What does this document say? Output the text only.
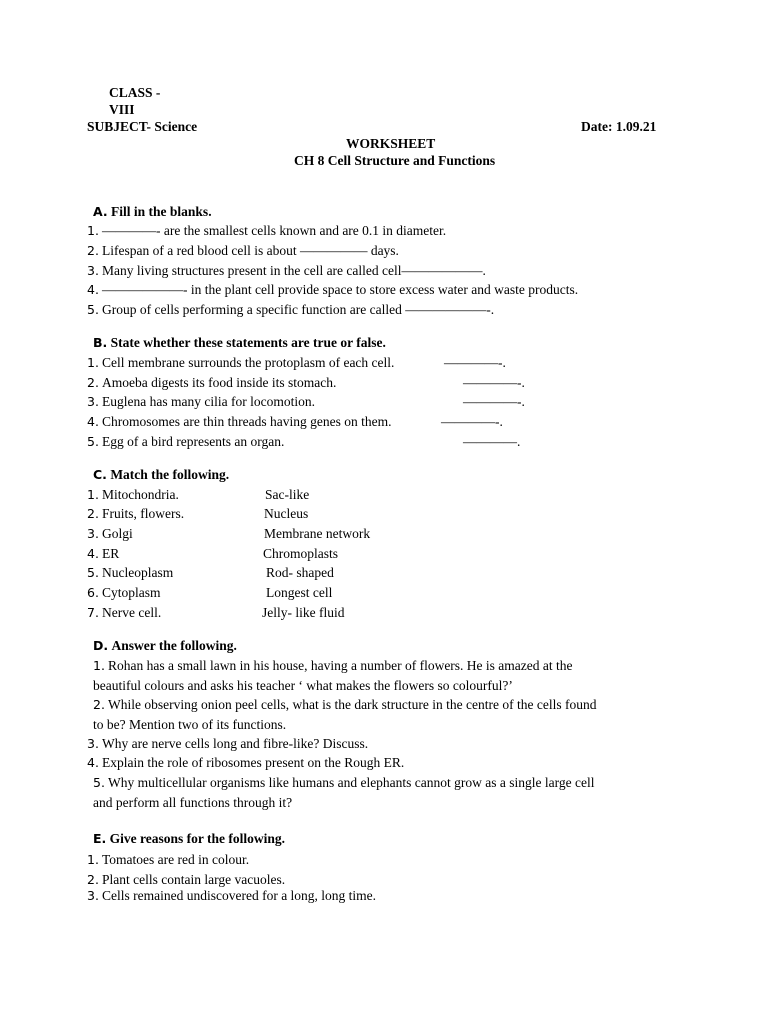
CLASS -
VIII
SUBJECT- Science	Date: 1.09.21
WORKSHEET
CH 8 Cell Structure and Functions
A. Fill in the blanks.
1. ――――- are the smallest cells known and are 0.1 in diameter.
2. Lifespan of a red blood cell is about ――――― days.
3. Many living structures present in the cell are called cell――――――.
4. ――――――- in the plant cell provide space to store excess water and waste products.
5. Group of cells performing a specific function are called ――――――-.
B. State whether these statements are true or false.
1. Cell membrane surrounds the protoplasm of each cell.	――――-.
2. Amoeba digests its food inside its stomach.	――――-.
3. Euglena has many cilia for locomotion.	――――-.
4. Chromosomes are thin threads having genes on them.	――――-.
5. Egg of a bird represents an organ.	――――.
C. Match the following.
1. Mitochondria.	Sac-like
2. Fruits, flowers.	Nucleus
3. Golgi	Membrane network
4. ER	Chromoplasts
5. Nucleoplasm	Rod- shaped
6. Cytoplasm	Longest cell
7. Nerve cell.	Jelly- like fluid
D. Answer the following.
1. Rohan has a small lawn in his house, having a number of flowers. He is amazed at the
beautiful colours and asks his teacher ‘ what makes the flowers so colourful?’
2. While observing onion peel cells, what is the dark structure in the centre of the cells found
to be? Mention two of its functions.
3. Why are nerve cells long and fibre-like? Discuss.
4. Explain the role of ribosomes present on the Rough ER.
5. Why multicellular organisms like humans and elephants cannot grow as a single large cell
and perform all functions through it?
E. Give reasons for the following.
1. Tomatoes are red in colour.
2. Plant cells contain large vacuoles.
3. Cells remained undiscovered for a long, long time.
